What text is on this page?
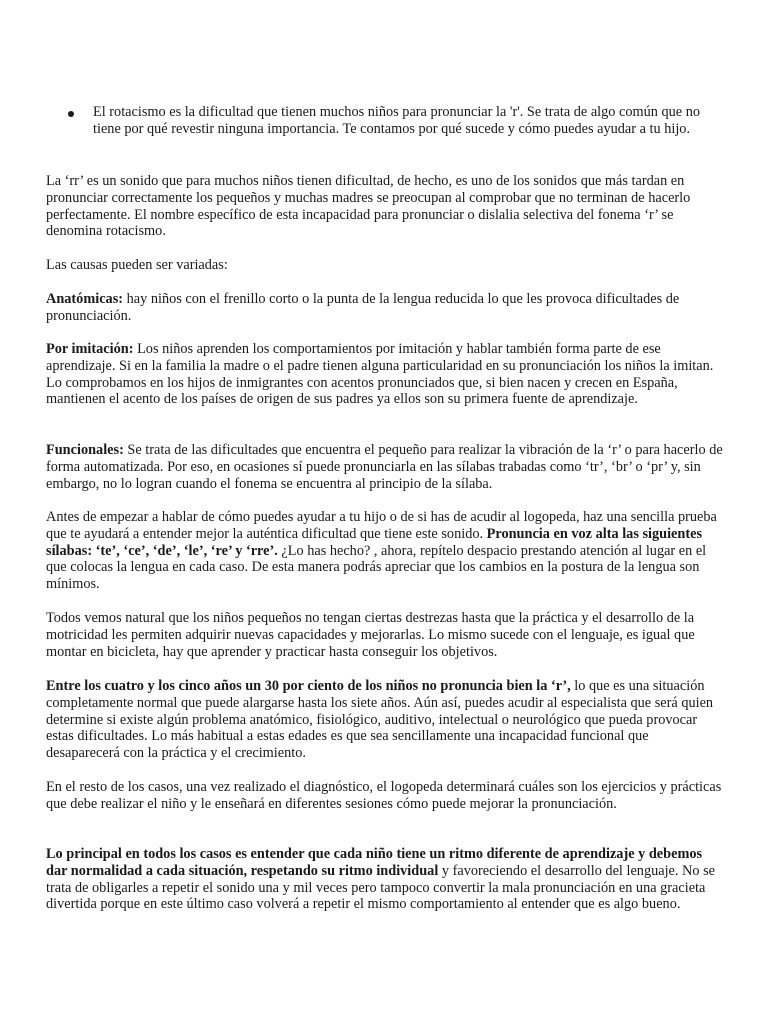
El rotacismo es la dificultad que tienen muchos niños para pronunciar la 'r'. Se trata de algo común que no tiene por qué revestir ninguna importancia. Te contamos por qué sucede y cómo puedes ayudar a tu hijo.

La ‘rr’ es un sonido que para muchos niños tienen dificultad, de hecho, es uno de los sonidos que más tardan en pronunciar correctamente los pequeños y muchas madres se preocupan al comprobar que no terminan de hacerlo perfectamente. El nombre específico de esta incapacidad para pronunciar o dislalia selectiva del fonema ‘r’ se denomina rotacismo.

Las causas pueden ser variadas:

Anatómicas: hay niños con el frenillo corto o la punta de la lengua reducida lo que les provoca dificultades de pronunciación.

Por imitación: Los niños aprenden los comportamientos por imitación y hablar también forma parte de ese aprendizaje. Si en la familia la madre o el padre tienen alguna particularidad en su pronunciación los niños la imitan. Lo comprobamos en los hijos de inmigrantes con acentos pronunciados que, si bien nacen y crecen en España, mantienen el acento de los países de origen de sus padres ya ellos son su primera fuente de aprendizaje.

Funcionales: Se trata de las dificultades que encuentra el pequeño para realizar la vibración de la ‘r’ o para hacerlo de forma automatizada. Por eso, en ocasiones sí puede pronunciarla en las sílabas trabadas como ‘tr’, ‘br’ o ‘pr’ y, sin embargo, no lo logran cuando el fonema se encuentra al principio de la sílaba.

Antes de empezar a hablar de cómo puedes ayudar a tu hijo o de si has de acudir al logopeda, haz una sencilla prueba que te ayudará a entender mejor la auténtica dificultad que tiene este sonido. Pronuncia en voz alta las siguientes sílabas: ‘te’, ‘ce’, ‘de’, ‘le’, ‘re’ y ‘rre’. ¿Lo has hecho? , ahora, repítelo despacio prestando atención al lugar en el que colocas la lengua en cada caso. De esta manera podrás apreciar que los cambios en la postura de la lengua son mínimos.

Todos vemos natural que los niños pequeños no tengan ciertas destrezas hasta que la práctica y el desarrollo de la motricidad les permiten adquirir nuevas capacidades y mejorarlas. Lo mismo sucede con el lenguaje, es igual que montar en bicicleta, hay que aprender y practicar hasta conseguir los objetivos.

Entre los cuatro y los cinco años un 30 por ciento de los niños no pronuncia bien la ‘r’, lo que es una situación completamente normal que puede alargarse hasta los siete años. Aún así, puedes acudir al especialista que será quien determine si existe algún problema anatómico, fisiológico, auditivo, intelectual o neurológico que pueda provocar estas dificultades. Lo más habitual a estas edades es que sea sencillamente una incapacidad funcional que desaparecerá con la práctica y el crecimiento.

En el resto de los casos, una vez realizado el diagnóstico, el logopeda determinará cuáles son los ejercicios y prácticas que debe realizar el niño y le enseñará en diferentes sesiones cómo puede mejorar la pronunciación.

Lo principal en todos los casos es entender que cada niño tiene un ritmo diferente de aprendizaje y debemos dar normalidad a cada situación, respetando su ritmo individual y favoreciendo el desarrollo del lenguaje. No se trata de obligarles a repetir el sonido una y mil veces pero tampoco convertir la mala pronunciación en una gracieta divertida porque en este último caso volverá a repetir el mismo comportamiento al entender que es algo bueno.
